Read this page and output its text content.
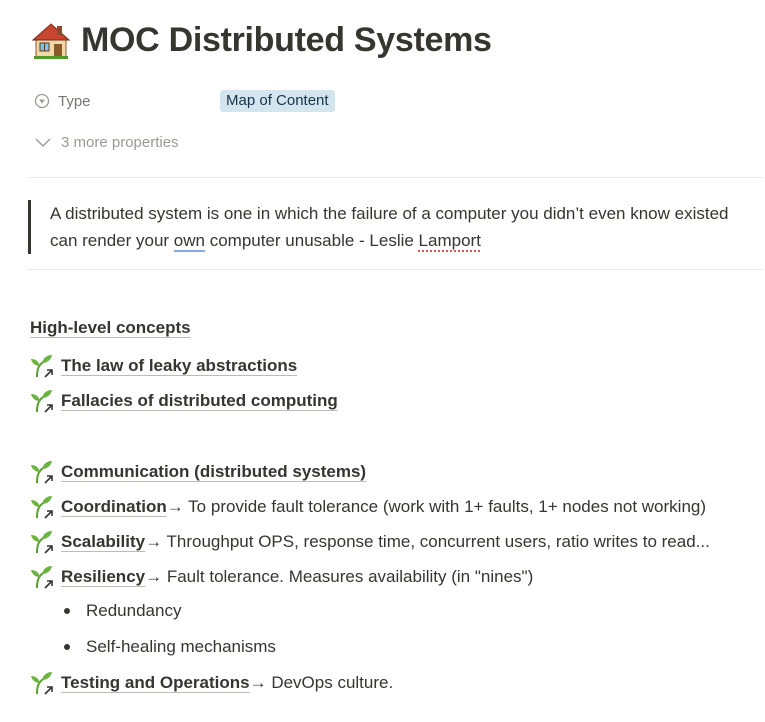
MOC Distributed Systems
Type	Map of Content
3 more properties
A distributed system is one in which the failure of a computer you didn’t even know existed can render your own computer unusable - Leslie Lamport
High-level concepts
The law of leaky abstractions
Fallacies of distributed computing
Communication (distributed systems)
Coordination → To provide fault tolerance (work with 1+ faults, 1+ nodes not working)
Scalability → Throughput OPS, response time, concurrent users, ratio writes to read...
Resiliency → Fault tolerance. Measures availability (in "nines")
Redundancy
Self-healing mechanisms
Testing and Operations → DevOps culture.
